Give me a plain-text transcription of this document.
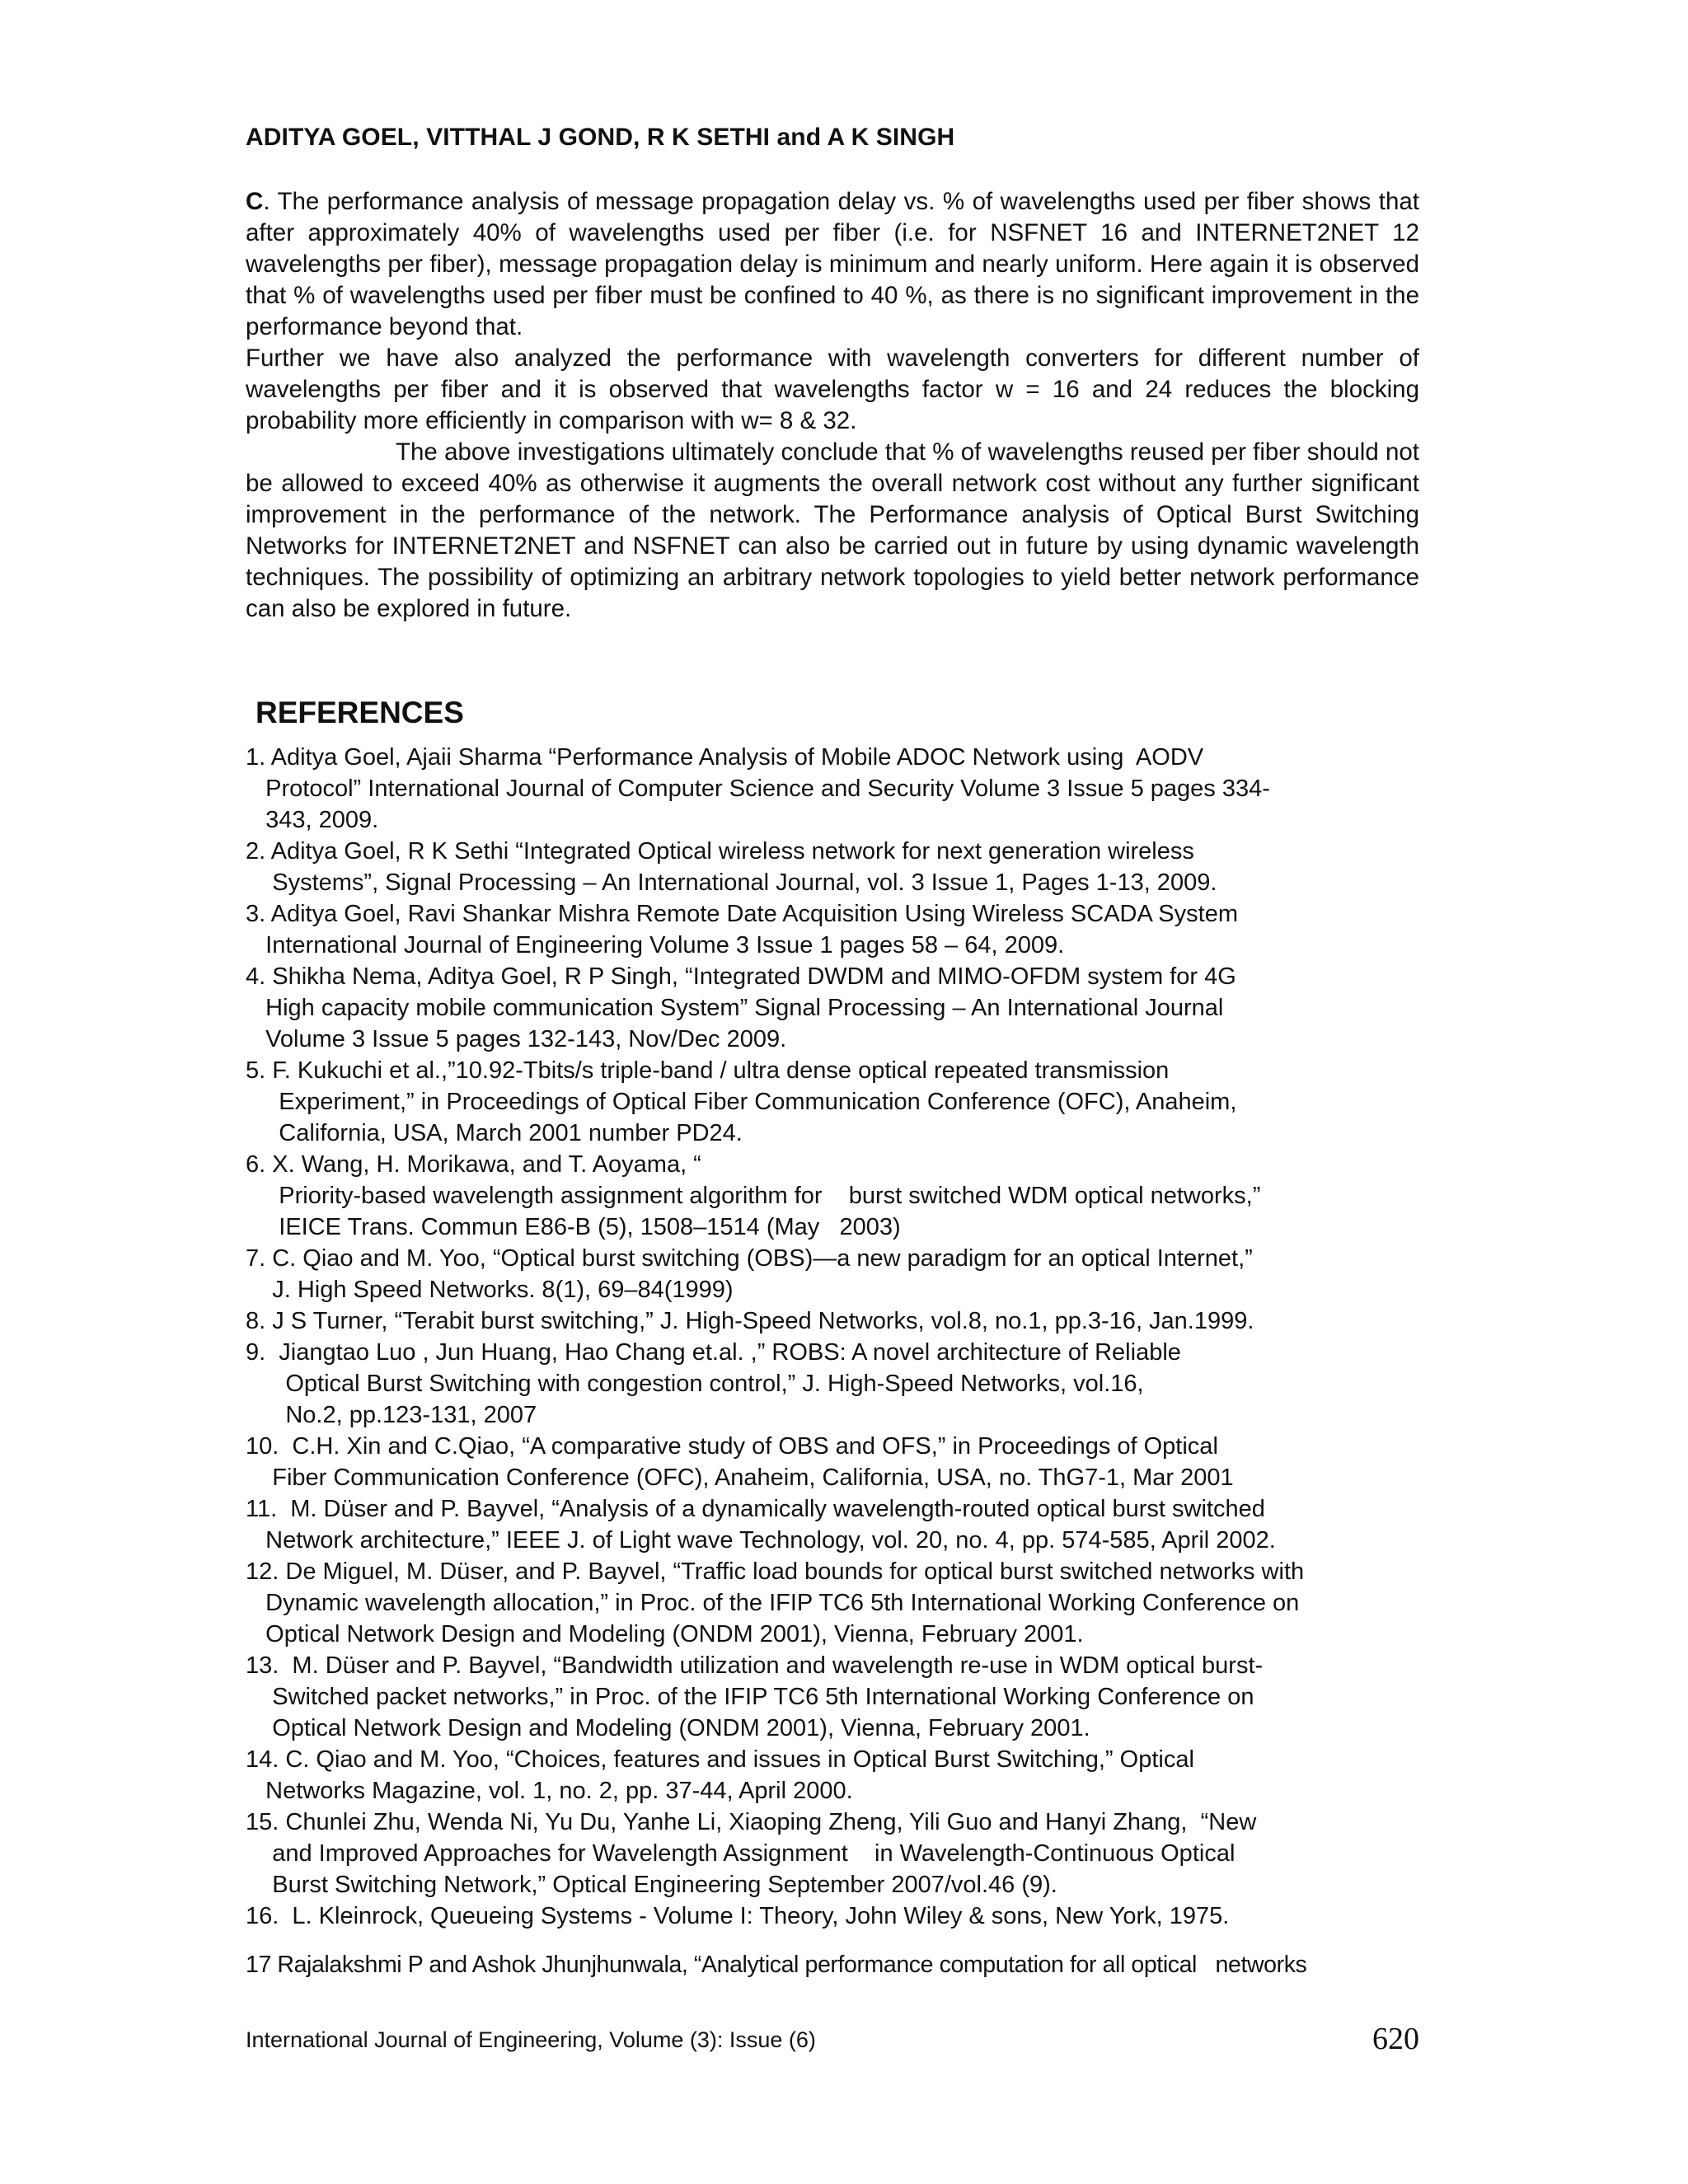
ADITYA GOEL, VITTHAL J GOND, R K SETHI and A K SINGH

C. The performance analysis of message propagation delay vs. % of wavelengths used per fiber shows that after approximately 40% of wavelengths used per fiber (i.e. for NSFNET 16 and INTERNET2NET 12 wavelengths per fiber), message propagation delay is minimum and nearly uniform. Here again it is observed that % of wavelengths used per fiber must be confined to 40 %, as there is no significant improvement in the performance beyond that.

Further we have also analyzed the performance with wavelength converters for different number of wavelengths per fiber and it is observed that wavelengths factor w = 16 and 24 reduces the blocking probability more efficiently in comparison with w= 8 & 32.

The above investigations ultimately conclude that % of wavelengths reused per fiber should not be allowed to exceed 40% as otherwise it augments the overall network cost without any further significant improvement in the performance of the network. The Performance analysis of Optical Burst Switching Networks for INTERNET2NET and NSFNET can also be carried out in future by using dynamic wavelength techniques. The possibility of optimizing an arbitrary network topologies to yield better network performance can also be explored in future.

REFERENCES
1. Aditya Goel, Ajaii Sharma “Performance Analysis of Mobile ADOC Network using  AODV
Protocol” International Journal of Computer Science and Security Volume 3 Issue 5 pages 334-
343, 2009.
2. Aditya Goel, R K Sethi “Integrated Optical wireless network for next generation wireless
Systems”, Signal Processing – An International Journal, vol. 3 Issue 1, Pages 1-13, 2009.
3. Aditya Goel, Ravi Shankar Mishra Remote Date Acquisition Using Wireless SCADA System
International Journal of Engineering Volume 3 Issue 1 pages 58 – 64, 2009.
4. Shikha Nema, Aditya Goel, R P Singh, “Integrated DWDM and MIMO-OFDM system for 4G
High capacity mobile communication System” Signal Processing – An International Journal
Volume 3 Issue 5 pages 132-143, Nov/Dec 2009.
5. F. Kukuchi et al.,”10.92-Tbits/s triple-band / ultra dense optical repeated transmission
Experiment,” in Proceedings of Optical Fiber Communication Conference (OFC), Anaheim,
California, USA, March 2001 number PD24.
6. X. Wang, H. Morikawa, and T. Aoyama, “
Priority-based wavelength assignment algorithm for    burst switched WDM optical networks,”
IEICE Trans. Commun E86-B (5), 1508–1514 (May   2003)
7. C. Qiao and M. Yoo, “Optical burst switching (OBS)—a new paradigm for an optical Internet,”
J. High Speed Networks. 8(1), 69–84(1999)
8. J S Turner, “Terabit burst switching,” J. High-Speed Networks, vol.8, no.1, pp.3-16, Jan.1999.
9.  Jiangtao Luo , Jun Huang, Hao Chang et.al. ,” ROBS: A novel architecture of Reliable
Optical Burst Switching with congestion control,” J. High-Speed Networks, vol.16,
No.2, pp.123-131, 2007
10.  C.H. Xin and C.Qiao, “A comparative study of OBS and OFS,” in Proceedings of Optical
Fiber Communication Conference (OFC), Anaheim, California, USA, no. ThG7-1, Mar 2001
11.  M. Düser and P. Bayvel, “Analysis of a dynamically wavelength-routed optical burst switched
Network architecture,” IEEE J. of Light wave Technology, vol. 20, no. 4, pp. 574-585, April 2002.
12. De Miguel, M. Düser, and P. Bayvel, “Traffic load bounds for optical burst switched networks with
Dynamic wavelength allocation,” in Proc. of the IFIP TC6 5th International Working Conference on
Optical Network Design and Modeling (ONDM 2001), Vienna, February 2001.
13.  M. Düser and P. Bayvel, “Bandwidth utilization and wavelength re-use in WDM optical burst-
Switched packet networks,” in Proc. of the IFIP TC6 5th International Working Conference on
Optical Network Design and Modeling (ONDM 2001), Vienna, February 2001.
14. C. Qiao and M. Yoo, “Choices, features and issues in Optical Burst Switching,” Optical
Networks Magazine, vol. 1, no. 2, pp. 37-44, April 2000.
15. Chunlei Zhu, Wenda Ni, Yu Du, Yanhe Li, Xiaoping Zheng, Yili Guo and Hanyi Zhang,  “New
and Improved Approaches for Wavelength Assignment    in Wavelength-Continuous Optical
Burst Switching Network,” Optical Engineering September 2007/vol.46 (9).
16.  L. Kleinrock, Queueing Systems - Volume I: Theory, John Wiley & sons, New York, 1975.
17 Rajalakshmi P and Ashok Jhunjhunwala, “Analytical performance computation for all optical   networks
International Journal of Engineering, Volume (3): Issue (6)	620
